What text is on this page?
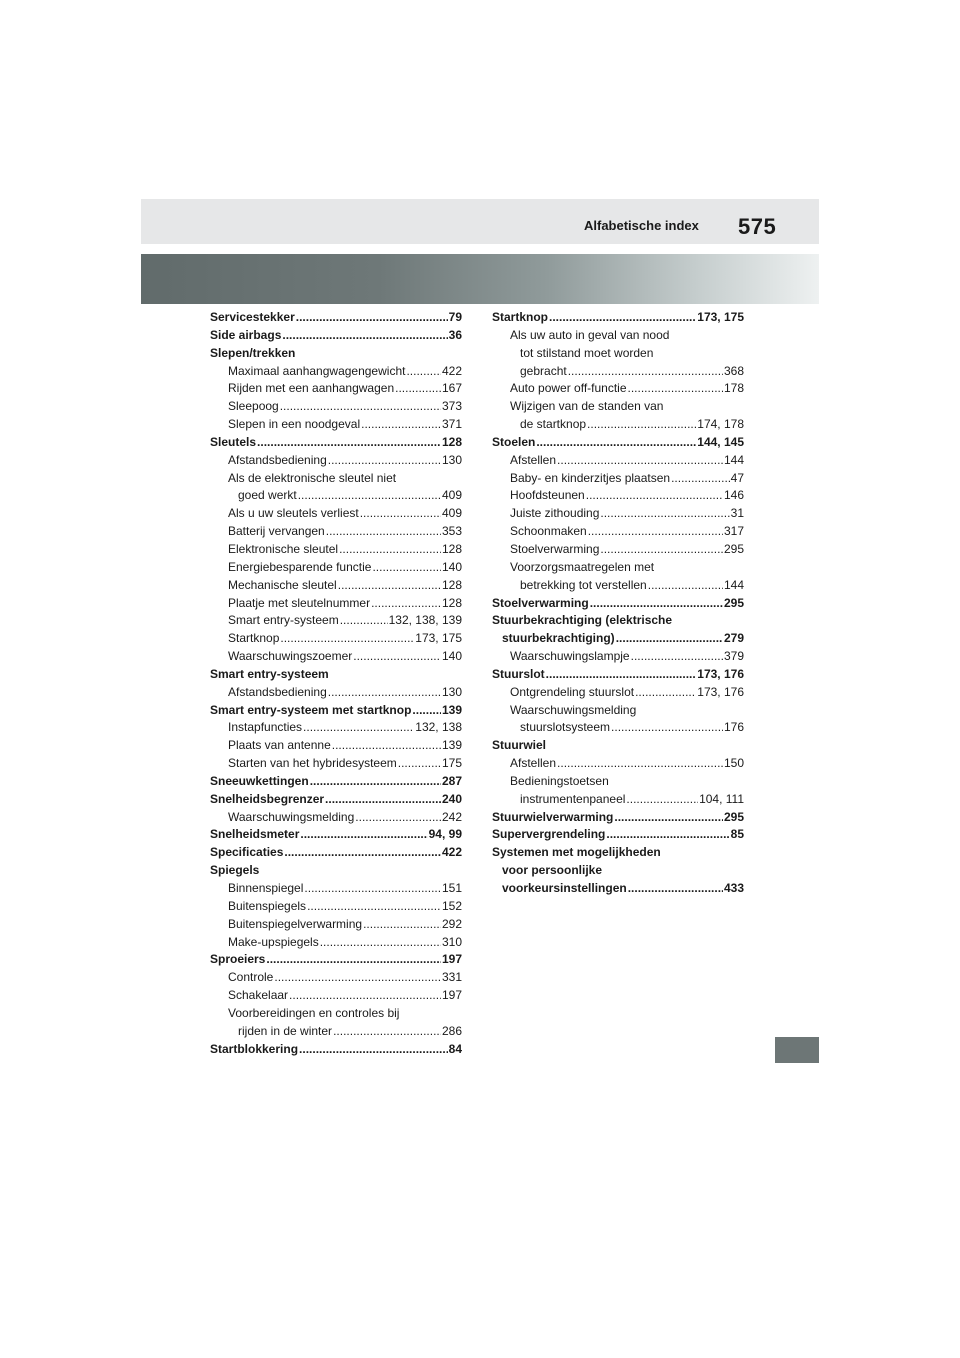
Alfabetische index 575
Servicestekker .....	79
Side airbags .....	36
Slepen/trekken
Maximaal aanhangwagengewicht .....	422
Rijden met een aanhangwagen .....	167
Sleepoog .....	373
Slepen in een noodgeval .....	371
Sleutels .....	128
Afstandsbediening .....	130
Als de elektronische sleutel niet
goed werkt .....	409
Als u uw sleutels verliest .....	409
Batterij vervangen .....	353
Elektronische sleutel .....	128
Energiebesparende functie .....	140
Mechanische sleutel .....	128
Plaatje met sleutelnummer .....	128
Smart entry-systeem .....	132, 138, 139
Startknop .....	173, 175
Waarschuwingszoemer .....	140
Smart entry-systeem
Afstandsbediening .....	130
Smart entry-systeem met startknop .....	139
Instapfuncties .....	132, 138
Plaats van antenne .....	139
Starten van het hybridesysteem .....	175
Sneeuwkettingen .....	287
Snelheidsbegrenzer .....	240
Waarschuwingsmelding .....	242
Snelheidsmeter .....	94, 99
Specificaties .....	422
Spiegels
Binnenspiegel .....	151
Buitenspiegels .....	152
Buitenspiegelverwarming .....	292
Make-upspiegels .....	310
Sproeiers .....	197
Controle .....	331
Schakelaar .....	197
Voorbereidingen en controles bij
rijden in de winter .....	286
Startblokkering .....	84
Startknop .....	173, 175
Als uw auto in geval van nood
tot stilstand moet worden
gebracht .....	368
Auto power off-functie .....	178
Wijzigen van de standen van
de startknop .....	174, 178
Stoelen .....	144, 145
Afstellen .....	144
Baby- en kinderzitjes plaatsen .....	47
Hoofdsteunen .....	146
Juiste zithouding .....	31
Schoonmaken .....	317
Stoelverwarming .....	295
Voorzorgsmaatregelen met
betrekking tot verstellen .....	144
Stoelverwarming .....	295
Stuurbekrachtiging (elektrische
stuurbekrachtiging) .....	279
Waarschuwingslampje .....	379
Stuurslot .....	173, 176
Ontgrendeling stuurslot .....	173, 176
Waarschuwingsmelding
stuurslotsysteem .....	176
Stuurwiel
Afstellen .....	150
Bedieningstoetsen
instrumentenpaneel .....	104, 111
Stuurwielverwarming .....	295
Supervergrendeling .....	85
Systemen met mogelijkheden
voor persoonlijke
voorkeursinstellingen .....	433
